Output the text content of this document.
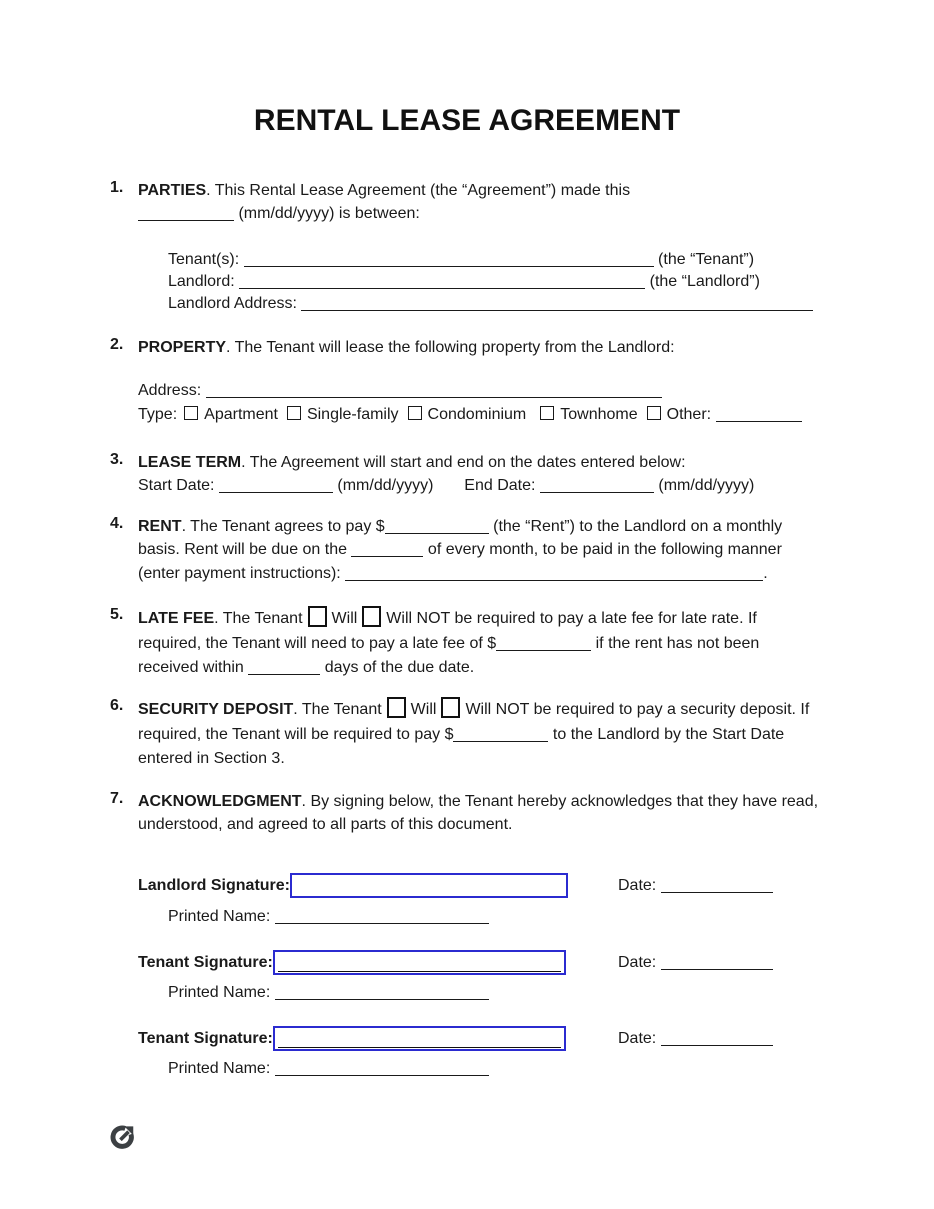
RENTAL LEASE AGREEMENT
1. PARTIES. This Rental Lease Agreement (the “Agreement”) made this
(mm/dd/yyyy) is between:
Tenant(s):	(the “Tenant”)
Landlord:	(the “Landlord”)
Landlord Address:
2. PROPERTY. The Tenant will lease the following property from the Landlord:
Address:
Type: Apartment Single-family Condominium Townhome Other:
3. LEASE TERM. The Agreement will start and end on the dates entered below:
Start Date:	(mm/dd/yyyy) End Date:	(mm/dd/yyyy)
4. RENT. The Tenant agrees to pay $	(the “Rent”) to the Landlord on a monthly basis. Rent will be due on the	of every month, to be paid in the following manner (enter payment instructions):	.
5. LATE FEE. The Tenant Will Will NOT be required to pay a late fee for late rate. If required, the Tenant will need to pay a late fee of $	if the rent has not been received within	days of the due date.
6. SECURITY DEPOSIT. The Tenant Will Will NOT be required to pay a security deposit. If required, the Tenant will be required to pay $	to the Landlord by the Start Date entered in Section 3.
7. ACKNOWLEDGMENT. By signing below, the Tenant hereby acknowledges that they have read, understood, and agreed to all parts of this document.
Landlord Signature:	Date:
Printed Name:
Tenant Signature:	Date:
Printed Name:
Tenant Signature:	Date:
Printed Name:
